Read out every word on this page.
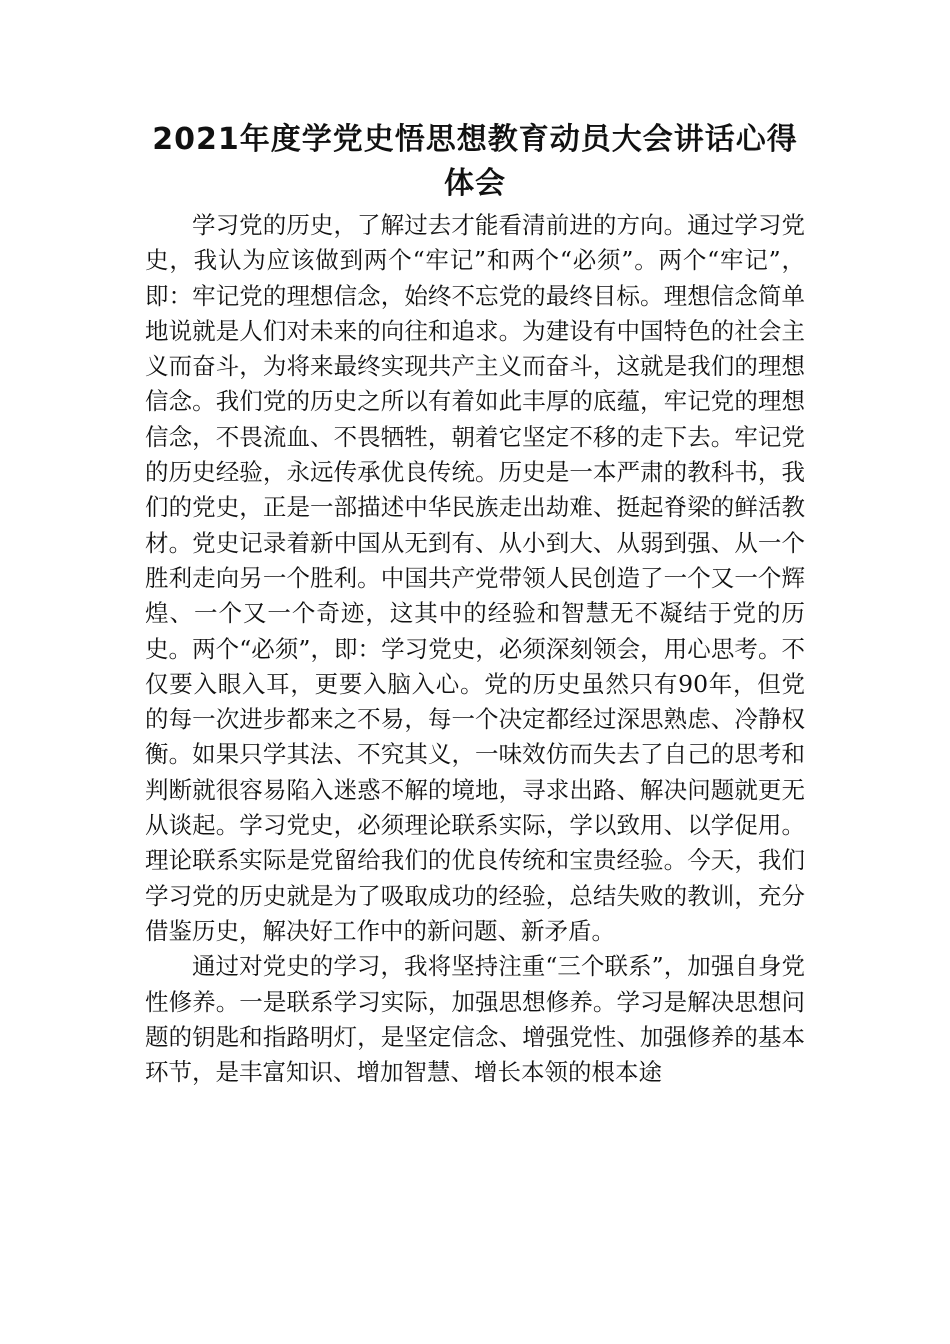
2021年度学党史悟思想教育动员大会讲话心得体会

学习党的历史，了解过去才能看清前进的方向。通过学习党史，我认为应该做到两个“牢记”和两个“必须”。两个“牢记”，即：牢记党的理想信念，始终不忘党的最终目标。理想信念简单地说就是人们对未来的向往和追求。为建设有中国特色的社会主义而奋斗，为将来最终实现共产主义而奋斗，这就是我们的理想信念。我们党的历史之所以有着如此丰厚的底蕴，牢记党的理想信念，不畏流血、不畏牺牲，朝着它坚定不移的走下去。牢记党的历史经验，永远传承优良传统。历史是一本严肃的教科书，我们的党史，正是一部描述中华民族走出劫难、挺起脊梁的鲜活教材。党史记录着新中国从无到有、从小到大、从弱到强、从一个胜利走向另一个胜利。中国共产党带领人民创造了一个又一个辉煌、一个又一个奇迹，这其中的经验和智慧无不凝结于党的历史。两个“必须”，即：学习党史，必须深刻领会，用心思考。不仅要入眼入耳，更要入脑入心。党的历史虽然只有90年，但党的每一次进步都来之不易，每一个决定都经过深思熟虑、冷静权衡。如果只学其法、不究其义，一味效仿而失去了自己的思考和判断就很容易陷入迷惑不解的境地，寻求出路、解决问题就更无从谈起。学习党史，必须理论联系实际，学以致用、以学促用。理论联系实际是党留给我们的优良传统和宝贵经验。今天，我们学习党的历史就是为了吸取成功的经验，总结失败的教训，充分借鉴历史，解决好工作中的新问题、新矛盾。

通过对党史的学习，我将坚持注重“三个联系”，加强自身党性修养。一是联系学习实际，加强思想修养。学习是解决思想问题的钥匙和指路明灯，是坚定信念、增强党性、加强修养的基本环节，是丰富知识、增加智慧、增长本领的根本途
